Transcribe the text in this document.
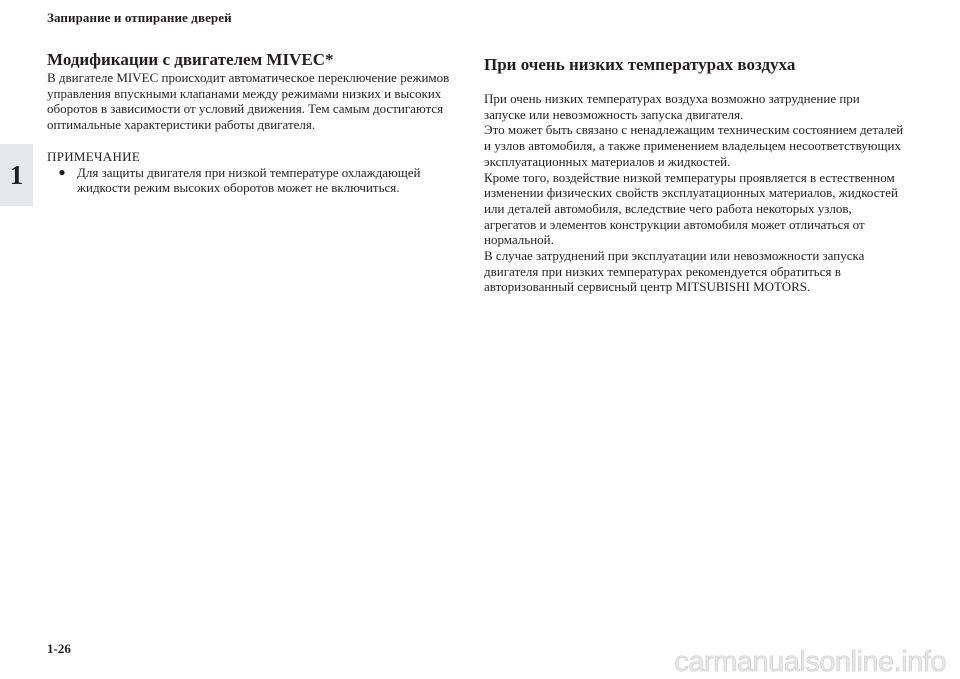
Запирание и отпирание дверей
1
Модификации с двигателем MIVEC*

В двигателе MIVEC происходит автоматическое переключение режимов управления впускными клапанами между режимами низких и высоких оборотов в зависимости от условий движения. Тем самым достигаются оптимальные характеристики работы двигателя.

ПРИМЕЧАНИЕ

● Для защиты двигателя при низкой температуре охлаждающей жидкости режим высоких оборотов может не включиться.
При очень низких температурах воздуха

При очень низких температурах воздуха возможно затруднение при запуске или невозможность запуска двигателя.

Это может быть связано с ненадлежащим техническим состоянием деталей и узлов автомобиля, а также применением владельцем несоответствующих эксплуатационных материалов и жидкостей.

Кроме того, воздействие низкой температуры проявляется в естественном изменении физических свойств эксплуатационных материалов, жидкостей или деталей автомобиля, вследствие чего работа некоторых узлов, агрегатов и элементов конструкции автомобиля может отличаться от нормальной.

В случае затруднений при эксплуатации или невозможности запуска двигателя при низких температурах рекомендуется обратиться в авторизованный сервисный центр MITSUBISHI MOTORS.

1-26	carmanualsonline.info
